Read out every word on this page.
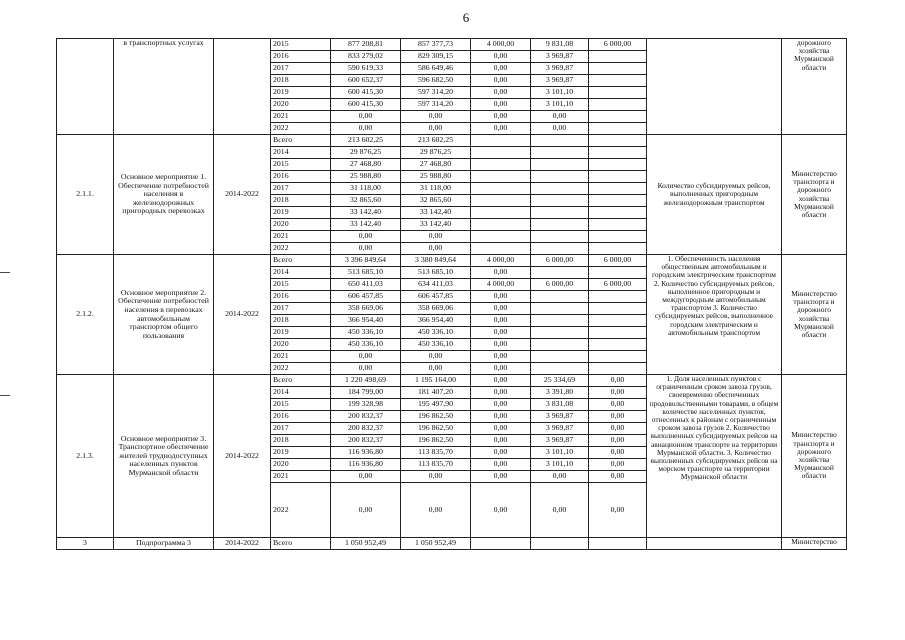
6
	в транспортных услугах		2015	877 208,81	857 377,73	4 000,00	9 831,08	6 000,00		дорожного хозяйства Мурманской области
			2016	833 279,02	829 309,15	0,00	3 969,87			
			2017	590 619,33	586 649,46	0,00	3 969,87			
			2018	600 652,37	596 682,50	0,00	3 969,87			
			2019	600 415,30	597 314,20	0,00	3 101,10			
			2020	600 415,30	597 314,20	0,00	3 101,10			
			2021	0,00	0,00	0,00	0,00			
			2022	0,00	0,00	0,00	0,00			
2.1.1.	Основное мероприятие 1. Обеспечение потребностей населения в железнодорожных пригородных перевозках	2014-2022	Всего	213 602,25	213 602,25				Количество субсидируемых рейсов, выполненных пригородным железнодорожным транспортом	Министерство транспорта и дорожного хозяйства Мурманской области
			2014	29 876,25	29 876,25					
			2015	27 468,80	27 468,80					
			2016	25 988,80	25 988,80					
			2017	31 118,00	31 118,00					
			2018	32 865,60	32 865,60					
			2019	33 142,40	33 142,40					
			2020	33 142,40	33 142,40					
			2021	0,00	0,00					
			2022	0,00	0,00					
2.1.2.	Основное мероприятие 2. Обеспечение потребностей населения в перевозках автомобильным транспортом общего пользования	2014-2022	Всего	3 396 849,64	3 380 849,64	4 000,00	6 000,00	6 000,00	1. Обеспеченность населения общественным автомобильным и городским электрическим транспортом 2. Количество субсидируемых рейсов, выполненное пригородным и междугородным автомобильным транспортом 3. Количество субсидируемых рейсов, выполненное городским электрическим и автомобильным транспортом	Министерство транспорта и дорожного хозяйства Мурманской области
			2014	513 685,10	513 685,10	0,00				
			2015	650 411,03	634 411,03	4 000,00	6 000,00	6 000,00		
			2016	606 457,85	606 457,85	0,00				
			2017	358 669,06	358 669,06	0,00				
			2018	366 954,40	366 954,40	0,00				
			2019	450 336,10	450 336,10	0,00				
			2020	450 336,10	450 336,10	0,00				
			2021	0,00	0,00	0,00				
			2022	0,00	0,00	0,00				
2.1.3.	Основное мероприятие 3. Транспортное обеспечение жителей труднодоступных населенных пунктов Мурманской области	2014-2022	Всего	1 220 498,69	1 195 164,00	0,00	25 334,69	0,00	1. Доля населенных пунктов с ограниченным сроком завоза грузов, своевременно обеспеченных продовольственными товарами, в общем количестве населенных пунктов, отнесенных к районам с ограниченным сроком завоза грузов 2. Количество выполненных субсидируемых рейсов на авиационном транспорте на территории Мурманской области. 3. Количество выполненных субсидируемых рейсов на морском транспорте на территории Мурманской области	Министерство транспорта и дорожного хозяйства Мурманской области
			2014	184 799,00	181 407,20	0,00	3 391,80	0,00		
			2015	199 328,98	195 497,90	0,00	3 831,08	0,00		
			2016	200 832,37	196 862,50	0,00	3 969,87	0,00		
			2017	200 832,37	196 862,50	0,00	3 969,87	0,00		
			2018	200 832,37	196 862,50	0,00	3 969,87	0,00		
			2019	116 936,80	113 835,70	0,00	3 101,10	0,00		
			2020	116 936,80	113 835,70	0,00	3 101,10	0,00		
			2021	0,00	0,00	0,00	0,00	0,00		
			2022	0,00	0,00	0,00	0,00	0,00		
3	Подпрограмма 3	2014-2022	Всего	1 050 952,49	1 050 952,49					Министерство
